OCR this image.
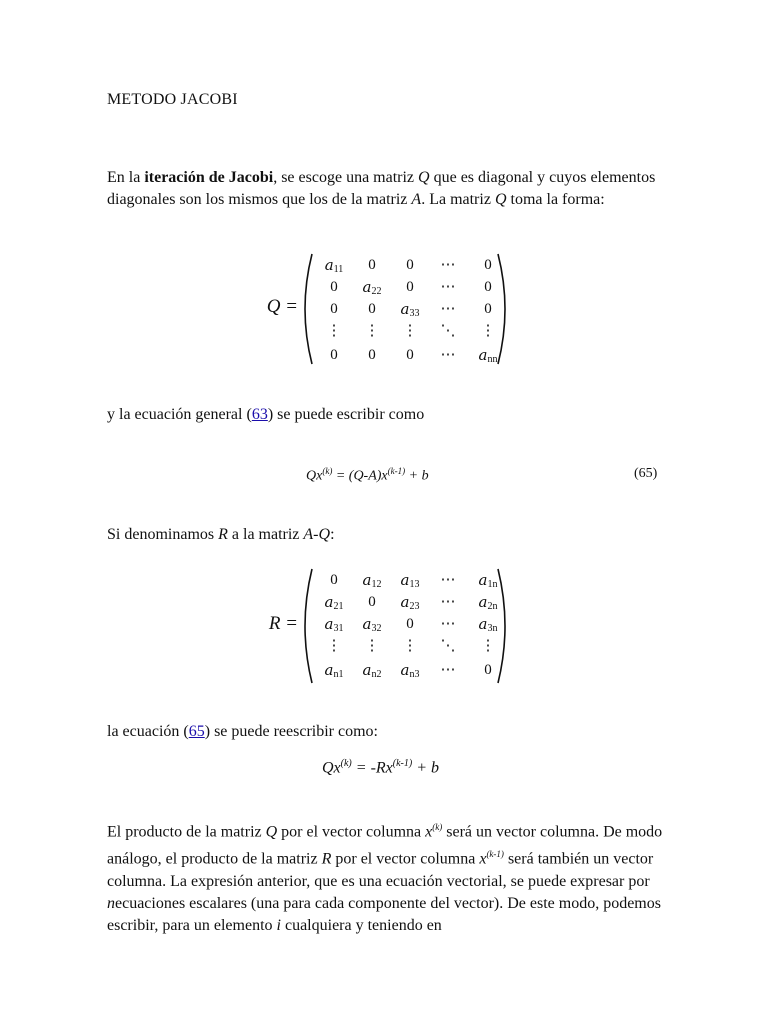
METODO JACOBI
En la iteración de Jacobi, se escoge una matriz Q que es diagonal y cuyos elementos diagonales son los mismos que los de la matriz A. La matriz Q toma la forma:
Q =
$a_{11}$	0	0	⋯	0
0	$a_{22}$	0	⋯	0
0	0	$a_{33}$	⋯	0
⋮	⋮	⋮	⋱	⋮
0	0	0	⋯	$a_{nn}$
y la ecuación general (63) se puede escribir como
$Qx^{(k)} = (Q-A)x^{(k-1)} + b$	(65)
Si denominamos R a la matriz A-Q:
R =
0	$a_{12}$	$a_{13}$	⋯	$a_{1n}$
$a_{21}$	0	$a_{23}$	⋯	$a_{2n}$
$a_{31}$	$a_{32}$	0	⋯	$a_{3n}$
⋮	⋮	⋮	⋱	⋮
$a_{n1}$	$a_{n2}$	$a_{n3}$	⋯	0
la ecuación (65) se puede reescribir como:
$Qx^{(k)} = -Rx^{(k-1)} + b$
El producto de la matriz Q por el vector columna $x^{(k)}$ será un vector columna. De modo análogo, el producto de la matriz R por el vector columna $x^{(k-1)}$ será también un vector columna. La expresión anterior, que es una ecuación vectorial, se puede expresar por necuaciones escalares (una para cada componente del vector). De este modo, podemos escribir, para un elemento i cualquiera y teniendo en
